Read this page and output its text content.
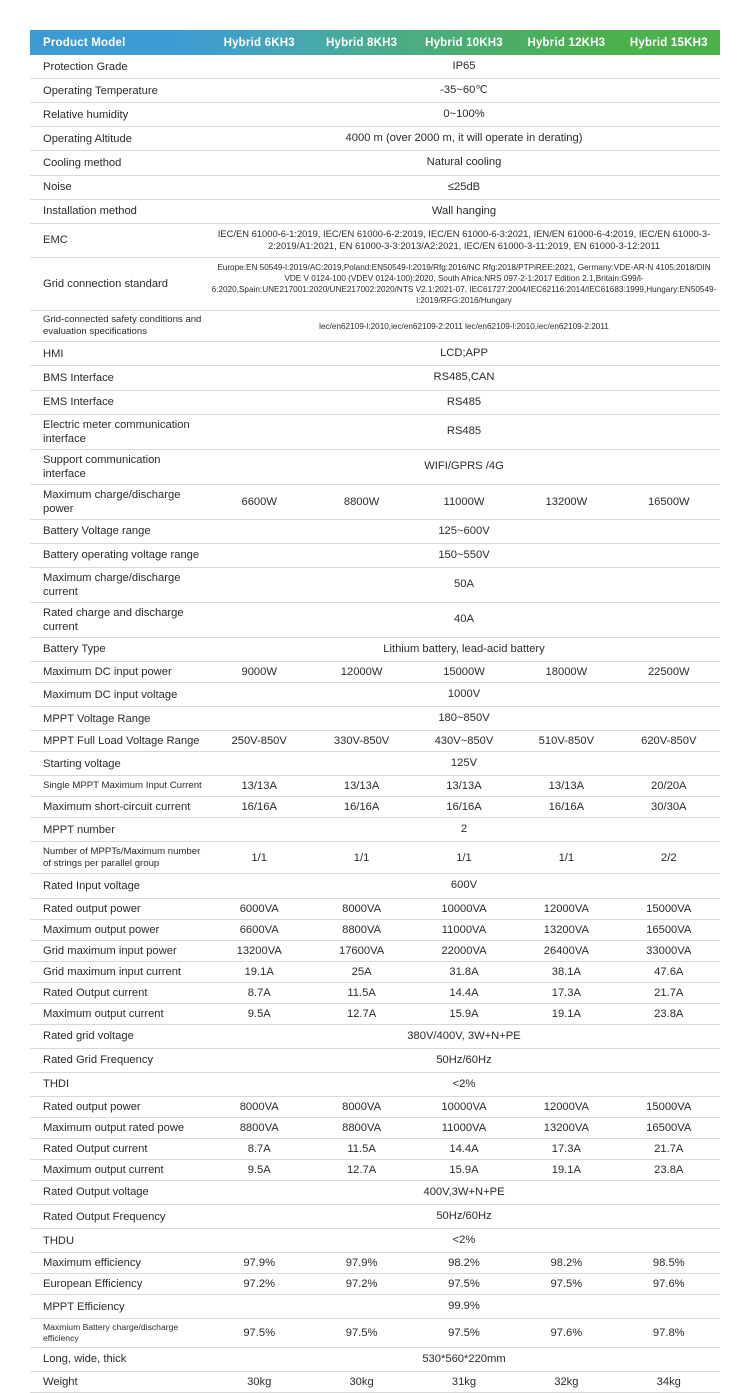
Product Model	Hybrid 6KH3	Hybrid 8KH3	Hybrid 10KH3	Hybrid 12KH3	Hybrid 15KH3
Protection Grade	IP65				
Operating Temperature	-35~60℃				
Relative humidity	0~100%				
Operating Altitude	4000 m (over 2000 m, it will operate in derating)				
Cooling method	Natural cooling				
Noise	≤25dB				
Installation method	Wall hanging				
EMC	IEC/EN 61000-6-1:2019, IEC/EN 61000-6-2:2019, IEC/EN 61000-6-3:2021, IEN/EN 61000-6-4:2019, IEC/EN 61000-3-2:2019/A1:2021, EN 61000-3-3:2013/A2:2021, IEC/EN 61000-3-11:2019, EN 61000-3-12:2011				
Grid connection standard	Europe:EN 50549-l:2019/AC:2019,Poland:EN50549-l:2019/Rfg:2016/NC Rfg:2018/PTPiREE:2021, Germany:VDE-AR-N 4105:2018/DIN VDE V 0124-100 (VDEV 0124-100):2020, South Africa:NRS 097-2-1:2017 Edition 2.1,Britain:G99/l-6:2020,Spain:UNE217001:2020/UNE217002:2020/NTS V2.1:2021-07, IEC61727:2004/IEC62116:2014/IEC61683:1999,Hungary:EN50549-l:2019/RFG:2016/Hungary				
Grid-connected safety conditions and evaluation specifications	lec/en62109-l:2010,iec/en62109-2:2011 lec/en62109-l:2010,iec/en62109-2:2011				
HMI	LCD;APP				
BMS Interface	RS485,CAN				
EMS Interface	RS485				
Electric meter communication interface	RS485				
Support communication interface	WIFI/GPRS /4G				
Maximum charge/discharge power	6600W	8800W	11000W	13200W	16500W
Battery Voltage range	125~600V				
Battery operating voltage range	150~550V				
Maximum charge/discharge current	50A				
Rated charge and discharge current	40A				
Battery Type	Lithium battery, lead-acid battery				
Maximum DC input power	9000W	12000W	15000W	18000W	22500W
Maximum DC input voltage	1000V				
MPPT Voltage Range	180~850V				
MPPT Full Load Voltage Range	250V-850V	330V-850V	430V~850V	510V-850V	620V-850V
Starting voltage	125V				
Single MPPT Maximum Input Current	13/13A	13/13A	13/13A	13/13A	20/20A
Maximum short-circuit current	16/16A	16/16A	16/16A	16/16A	30/30A
MPPT number	2				
Number of MPPTs/Maximum number of strings per parallel group	1/1	1/1	1/1	1/1	2/2
Rated Input voltage	600V				
Rated output power	6000VA	8000VA	10000VA	12000VA	15000VA
Maximum output power	6600VA	8800VA	11000VA	13200VA	16500VA
Grid maximum input power	13200VA	17600VA	22000VA	26400VA	33000VA
Grid maximum input current	19.1A	25A	31.8A	38.1A	47.6A
Rated Output current	8.7A	11.5A	14.4A	17.3A	21.7A
Maximum output current	9.5A	12.7A	15.9A	19.1A	23.8A
Rated grid voltage	380V/400V, 3W+N+PE				
Rated Grid Frequency	50Hz/60Hz				
THDI	<2%				
Rated output power	8000VA	8000VA	10000VA	12000VA	15000VA
Maximum output rated powe	8800VA	8800VA	11000VA	13200VA	16500VA
Rated Output current	8.7A	11.5A	14.4A	17.3A	21.7A
Maximum output current	9.5A	12.7A	15.9A	19.1A	23.8A
Rated Output voltage	400V,3W+N+PE				
Rated Output Frequency	50Hz/60Hz				
THDU	<2%				
Maximum efficiency	97.9%	97.9%	98.2%	98.2%	98.5%
European Efficiency	97.2%	97.2%	97.5%	97.5%	97.6%
MPPT Efficiency	99.9%				
Maxmium Battery charge/discharge efficiency	97.5%	97.5%	97.5%	97.6%	97.8%
Long, wide, thick	530*560*220mm				
Weight	30kg	30kg	31kg	32kg	34kg
